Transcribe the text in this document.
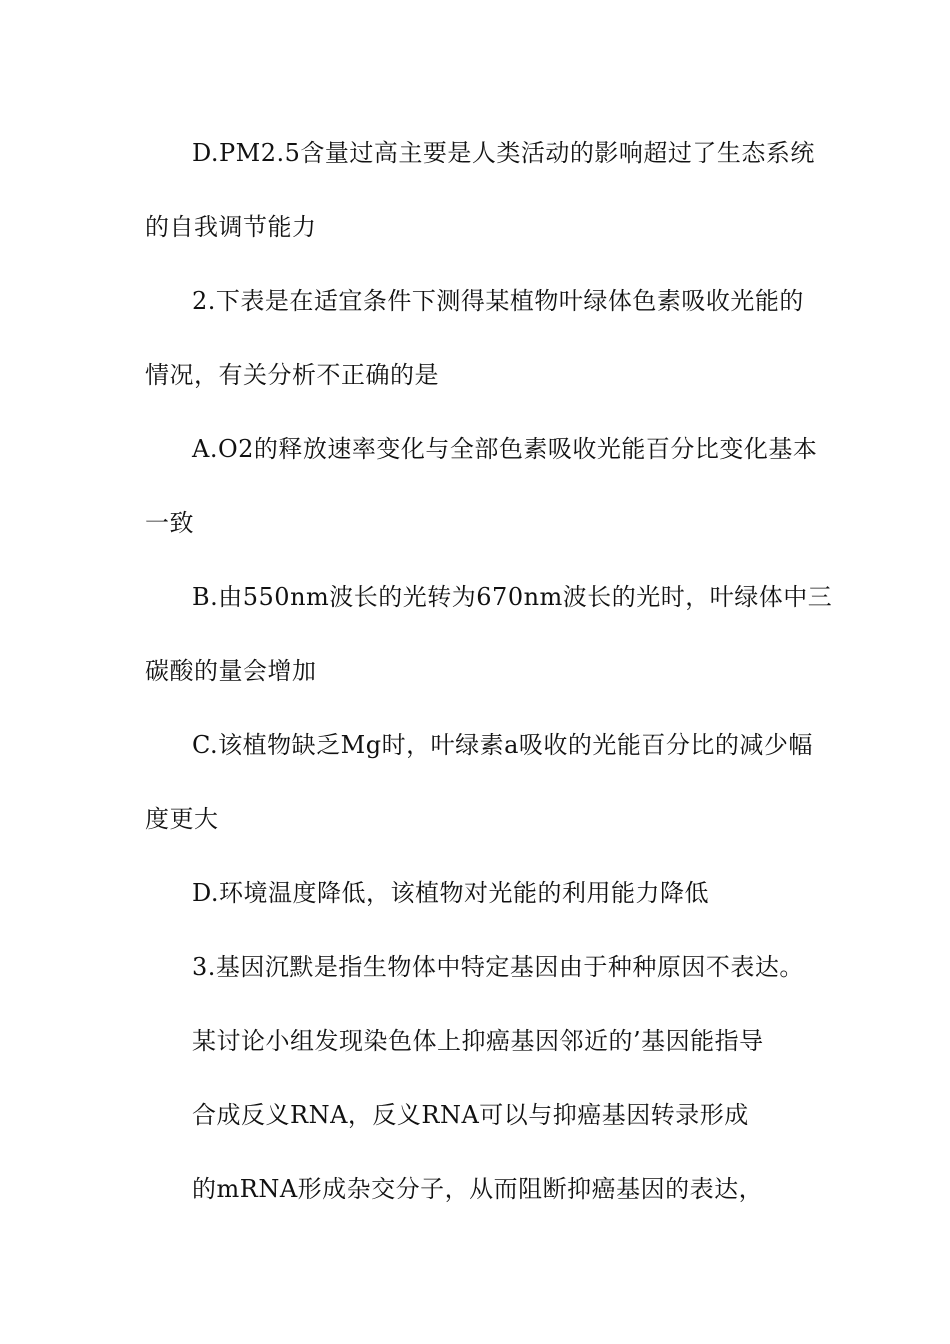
D.PM2.5含量过高主要是人类活动的影响超过了生态系统
的自我调节能力
2.下表是在适宜条件下测得某植物叶绿体色素吸收光能的
情况，有关分析不正确的是
A.O2的释放速率变化与全部色素吸收光能百分比变化基本
一致
B.由550nm波长的光转为670nm波长的光时，叶绿体中三
碳酸的量会增加
C.该植物缺乏Mg时，叶绿素a吸收的光能百分比的减少幅
度更大
D.环境温度降低，该植物对光能的利用能力降低
3.基因沉默是指生物体中特定基因由于种种原因不表达。
某讨论小组发现染色体上抑癌基因邻近的’基因能指导
合成反义RNA，反义RNA可以与抑癌基因转录形成
的mRNA形成杂交分子，从而阻断抑癌基因的表达，
